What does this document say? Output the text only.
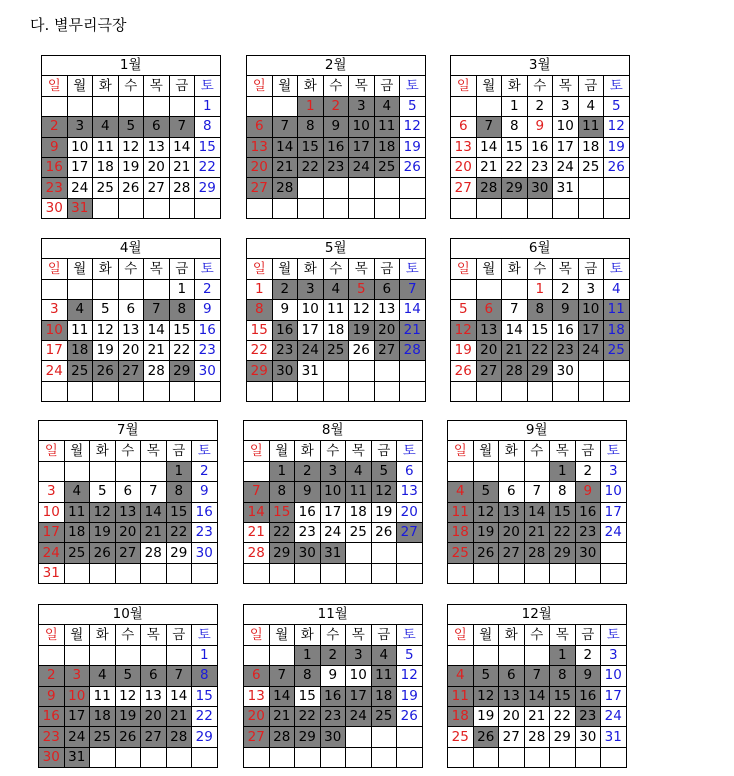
다. 별무리극장
1월						
일	월	화	수	목	금	토
						1
2	3	4	5	6	7	8
9	10	11	12	13	14	15
16	17	18	19	20	21	22
23	24	25	26	27	28	29
30	31					
2월						
일	월	화	수	목	금	토
		1	2	3	4	5
6	7	8	9	10	11	12
13	14	15	16	17	18	19
20	21	22	23	24	25	26
27	28					

3월						
일	월	화	수	목	금	토
		1	2	3	4	5
6	7	8	9	10	11	12
13	14	15	16	17	18	19
20	21	22	23	24	25	26
27	28	29	30	31		

4월						
일	월	화	수	목	금	토
					1	2
3	4	5	6	7	8	9
10	11	12	13	14	15	16
17	18	19	20	21	22	23
24	25	26	27	28	29	30

5월						
일	월	화	수	목	금	토
1	2	3	4	5	6	7
8	9	10	11	12	13	14
15	16	17	18	19	20	21
22	23	24	25	26	27	28
29	30	31				

6월						
일	월	화	수	목	금	토
			1	2	3	4
5	6	7	8	9	10	11
12	13	14	15	16	17	18
19	20	21	22	23	24	25
26	27	28	29	30		

7월						
일	월	화	수	목	금	토
					1	2
3	4	5	6	7	8	9
10	11	12	13	14	15	16
17	18	19	20	21	22	23
24	25	26	27	28	29	30
31						
8월						
일	월	화	수	목	금	토
	1	2	3	4	5	6
7	8	9	10	11	12	13
14	15	16	17	18	19	20
21	22	23	24	25	26	27
28	29	30	31			

9월						
일	월	화	수	목	금	토
				1	2	3
4	5	6	7	8	9	10
11	12	13	14	15	16	17
18	19	20	21	22	23	24
25	26	27	28	29	30	

10월						
일	월	화	수	목	금	토
						1
2	3	4	5	6	7	8
9	10	11	12	13	14	15
16	17	18	19	20	21	22
23	24	25	26	27	28	29
30	31					
11월						
일	월	화	수	목	금	토
		1	2	3	4	5
6	7	8	9	10	11	12
13	14	15	16	17	18	19
20	21	22	23	24	25	26
27	28	29	30			

12월						
일	월	화	수	목	금	토
				1	2	3
4	5	6	7	8	9	10
11	12	13	14	15	16	17
18	19	20	21	22	23	24
25	26	27	28	29	30	31
